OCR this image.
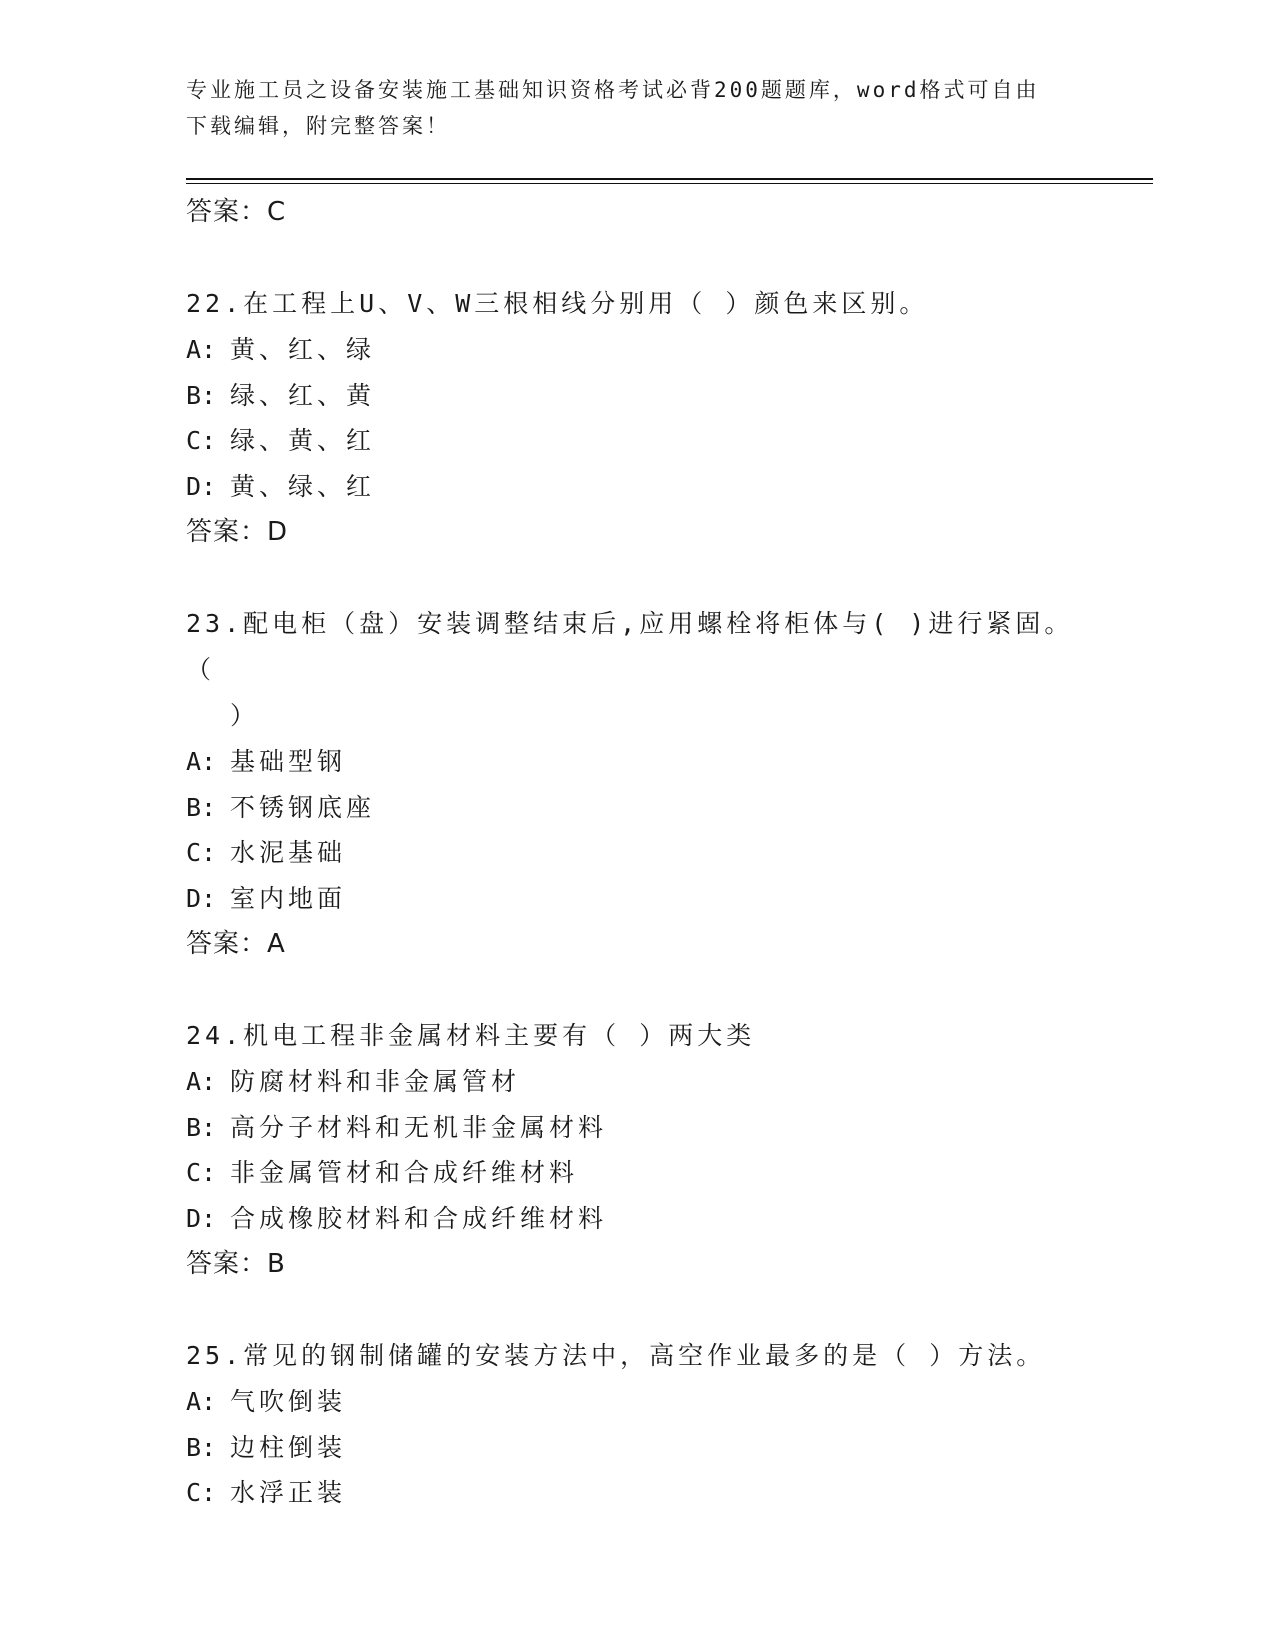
专业施工员之设备安装施工基础知识资格考试必背200题题库，word格式可自由
下载编辑，附完整答案！
答案：C
22.在工程上U、V、W三根相线分别用（ ）颜色来区别。
A: 黄、红、绿
B: 绿、红、黄
C: 绿、黄、红
D: 黄、绿、红
答案：D
23.配电柜（盘）安装调整结束后,应用螺栓将柜体与( )进行紧固。（
）
A: 基础型钢
B: 不锈钢底座
C: 水泥基础
D: 室内地面
答案：A
24.机电工程非金属材料主要有（ ）两大类
A: 防腐材料和非金属管材
B: 高分子材料和无机非金属材料
C: 非金属管材和合成纤维材料
D: 合成橡胶材料和合成纤维材料
答案：B
25.常见的钢制储罐的安装方法中，高空作业最多的是（ ）方法。
A: 气吹倒装
B: 边柱倒装
C: 水浮正装
